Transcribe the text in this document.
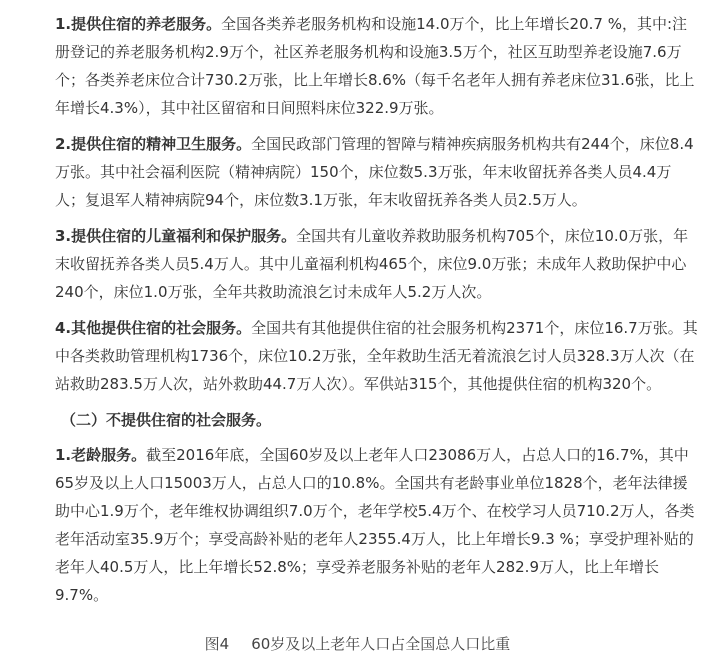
1.提供住宿的养老服务。全国各类养老服务机构和设施14.0万个，比上年增长20.7 %，其中:注册登记的养老服务机构2.9万个，社区养老服务机构和设施3.5万个，社区互助型养老设施7.6万个；各类养老床位合计730.2万张，比上年增长8.6%（每千名老年人拥有养老床位31.6张，比上年增长4.3%），其中社区留宿和日间照料床位322.9万张。

2.提供住宿的精神卫生服务。全国民政部门管理的智障与精神疾病服务机构共有244个，床位8.4万张。其中社会福利医院（精神病院）150个，床位数5.3万张，年末收留抚养各类人员4.4万人；复退军人精神病院94个，床位数3.1万张，年末收留抚养各类人员2.5万人。

3.提供住宿的儿童福利和保护服务。全国共有儿童收养救助服务机构705个，床位10.0万张，年末收留抚养各类人员5.4万人。其中儿童福利机构465个，床位9.0万张；未成年人救助保护中心240个，床位1.0万张，全年共救助流浪乞讨未成年人5.2万人次。

4.其他提供住宿的社会服务。全国共有其他提供住宿的社会服务机构2371个，床位16.7万张。其中各类救助管理机构1736个，床位10.2万张，全年救助生活无着流浪乞讨人员328.3万人次（在站救助283.5万人次，站外救助44.7万人次）。军供站315个，其他提供住宿的机构320个。

（二）不提供住宿的社会服务。

1.老龄服务。截至2016年底，全国60岁及以上老年人口23086万人，占总人口的16.7%，其中65岁及以上人口15003万人，占总人口的10.8%。全国共有老龄事业单位1828个，老年法律援助中心1.9万个，老年维权协调组织7.0万个，老年学校5.4万个、在校学习人员710.2万人，各类老年活动室35.9万个；享受高龄补贴的老年人2355.4万人，比上年增长9.3 %；享受护理补贴的老年人40.5万人，比上年增长52.8%；享受养老服务补贴的老年人282.9万人，比上年增长9.7%。

图4 60岁及以上老年人口占全国总人口比重
